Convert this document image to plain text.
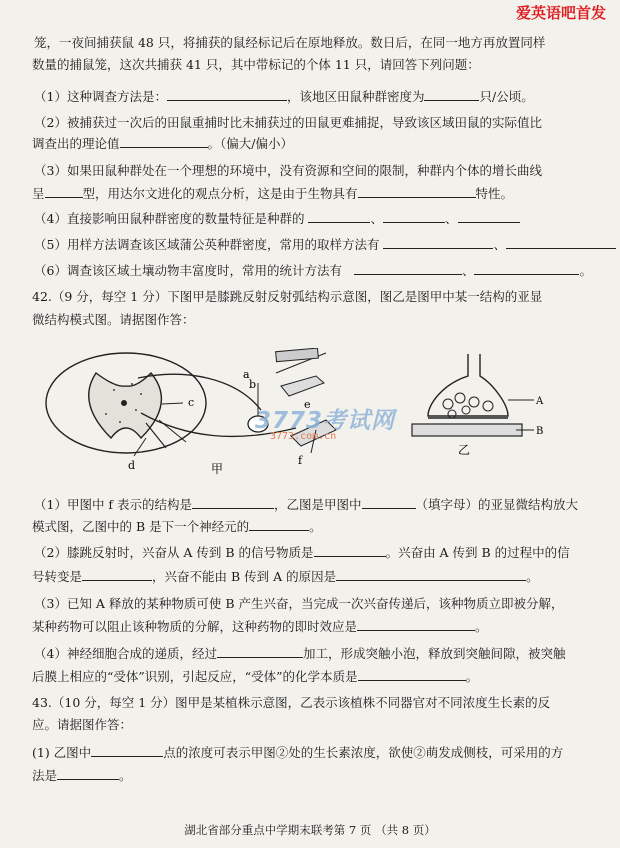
爱英语吧首发
笼，一夜间捕获鼠 48 只，将捕获的鼠经标记后在原地释放。数日后，在同一地方再放置同样
数量的捕鼠笼，这次共捕获 41 只，其中带标记的个体 11 只，请回答下列问题：
（1）这种调查方法是：	，该地区田鼠种群密度为	只/公顷。
（2）被捕获过一次后的田鼠重捕时比未捕获过的田鼠更难捕捉，导致该区域田鼠的实际值比
调查出的理论值	。（偏大/偏小）
（3）如果田鼠种群处在一个理想的环境中，没有资源和空间的限制，种群内个体的增长曲线
呈	型，用达尔文进化的观点分析，这是由于生物具有	特性。
（4）直接影响田鼠种群密度的数量特征是种群的	、	、
（5）用样方法调查该区域蒲公英种群密度，常用的取样方法有	、
（6）调查该区域土壤动物丰富度时，常用的统计方法有	、	。
42.（9 分，每空 1 分）下图甲是膝跳反射反射弧结构示意图，图乙是图甲中某一结构的亚显
微结构模式图。请据图作答：
c
b
a
d
e
f
甲
A
B
乙
3773考试网
3773.com.cn
（1）甲图中 f 表示的结构是	，乙图是甲图中	（填字母）的亚显微结构放大
模式图，乙图中的 B 是下一个神经元的	。
（2）膝跳反射时，兴奋从 A 传到 B 的信号物质是	。兴奋由 A 传到 B 的过程中的信
号转变是	，兴奋不能由 B 传到 A 的原因是	。
（3）已知 A 释放的某种物质可使 B 产生兴奋，当完成一次兴奋传递后，该种物质立即被分解，
某种药物可以阻止该种物质的分解，这种药物的即时效应是	。
（4）神经细胞合成的递质，经过	加工，形成突触小泡，释放到突触间隙，被突触
后膜上相应的“受体”识别，引起反应，“受体”的化学本质是	。
43.（10 分，每空 1 分）图甲是某植株示意图，乙表示该植株不同器官对不同浓度生长素的反
应。请据图作答：
(1) 乙图中	点的浓度可表示甲图②处的生长素浓度，欲使②萌发成侧枝，可采用的方
法是	。
湖北省部分重点中学期末联考第 7 页 （共 8 页）
